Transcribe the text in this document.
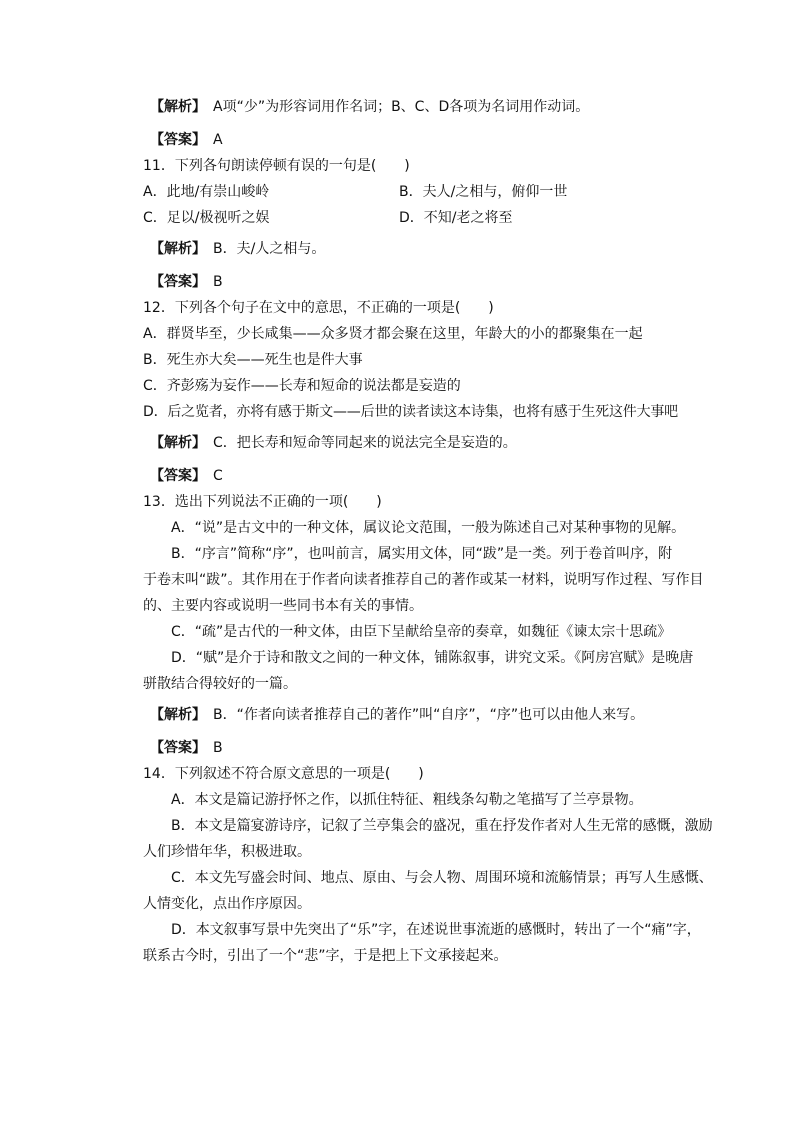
【解析】　A项“少”为形容词用作名词；B、C、D各项为名词用作动词。
【答案】　A
11．下列各句朗读停顿有误的一句是(　　)
A．此地/有崇山峻岭	B．夫人/之相与，俯仰一世
C．足以/极视听之娱	D．不知/老之将至
【解析】　B．夫/人之相与。
【答案】　B
12．下列各个句子在文中的意思，不正确的一项是(　　)
A．群贤毕至，少长咸集——众多贤才都会聚在这里，年龄大的小的都聚集在一起
B．死生亦大矣——死生也是件大事
C．齐彭殇为妄作——长寿和短命的说法都是妄造的
D．后之览者，亦将有感于斯文——后世的读者读这本诗集，也将有感于生死这件大事吧
【解析】　C．把长寿和短命等同起来的说法完全是妄造的。
【答案】　C
13．选出下列说法不正确的一项(　　)
A．“说”是古文中的一种文体，属议论文范围，一般为陈述自己对某种事物的见解。
B．“序言”简称“序”，也叫前言，属实用文体，同“跋”是一类。列于卷首叫序，附
于卷末叫“跋”。其作用在于作者向读者推荐自己的著作或某一材料，说明写作过程、写作目
的、主要内容或说明一些同书本有关的事情。
C．“疏”是古代的一种文体，由臣下呈献给皇帝的奏章，如魏征《谏太宗十思疏》
D．“赋”是介于诗和散文之间的一种文体，铺陈叙事，讲究文采。《阿房宫赋》是晚唐
骈散结合得较好的一篇。
【解析】　B．“作者向读者推荐自己的著作”叫“自序”，“序”也可以由他人来写。
【答案】　B
14．下列叙述不符合原文意思的一项是(　　)
A．本文是篇记游抒怀之作，以抓住特征、粗线条勾勒之笔描写了兰亭景物。
B．本文是篇宴游诗序，记叙了兰亭集会的盛况，重在抒发作者对人生无常的感慨，激励
人们珍惜年华，积极进取。
C．本文先写盛会时间、地点、原由、与会人物、周围环境和流觞情景；再写人生感慨、
人情变化，点出作序原因。
D．本文叙事写景中先突出了“乐”字，在述说世事流逝的感慨时，转出了一个“痛”字，
联系古今时，引出了一个“悲”字，于是把上下文承接起来。
